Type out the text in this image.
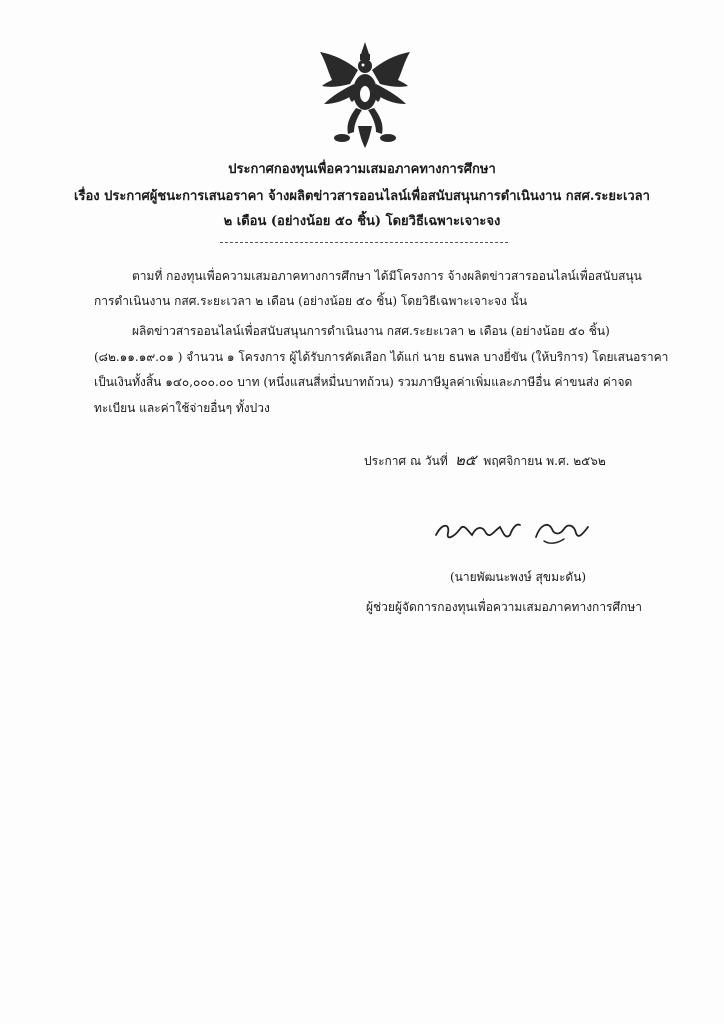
ประกาศกองทุนเพื่อความเสมอภาคทางการศึกษา
เรื่อง ประกาศผู้ชนะการเสนอราคา จ้างผลิตข่าวสารออนไลน์เพื่อสนับสนุนการดำเนินงาน กสศ.ระยะเวลา
๒ เดือน (อย่างน้อย ๕๐ ชิ้น) โดยวิธีเฉพาะเจาะจง
ตามที่ กองทุนเพื่อความเสมอภาคทางการศึกษา ได้มีโครงการ จ้างผลิตข่าวสารออนไลน์เพื่อสนับสนุน
การดำเนินงาน กสศ.ระยะเวลา ๒ เดือน (อย่างน้อย ๕๐ ชิ้น) โดยวิธีเฉพาะเจาะจง นั้น
ผลิตข่าวสารออนไลน์เพื่อสนับสนุนการดำเนินงาน กสศ.ระยะเวลา ๒ เดือน (อย่างน้อย ๕๐ ชิ้น)
(๘๒.๑๑.๑๙.๐๑ ) จำนวน ๑ โครงการ ผู้ได้รับการคัดเลือก ได้แก่ นาย ธนพล บางยี่ขัน (ให้บริการ) โดยเสนอราคา
เป็นเงินทั้งสิ้น ๑๔๐,๐๐๐.๐๐ บาท (หนึ่งแสนสี่หมื่นบาทถ้วน) รวมภาษีมูลค่าเพิ่มและภาษีอื่น ค่าขนส่ง ค่าจด
ทะเบียน และค่าใช้จ่ายอื่นๆ ทั้งปวง
ประกาศ ณ วันที่ ๒๕ พฤศจิกายน พ.ศ. ๒๕๖๒
(นายพัฒนะพงษ์ สุขมะดัน)
ผู้ช่วยผู้จัดการกองทุนเพื่อความเสมอภาคทางการศึกษา
